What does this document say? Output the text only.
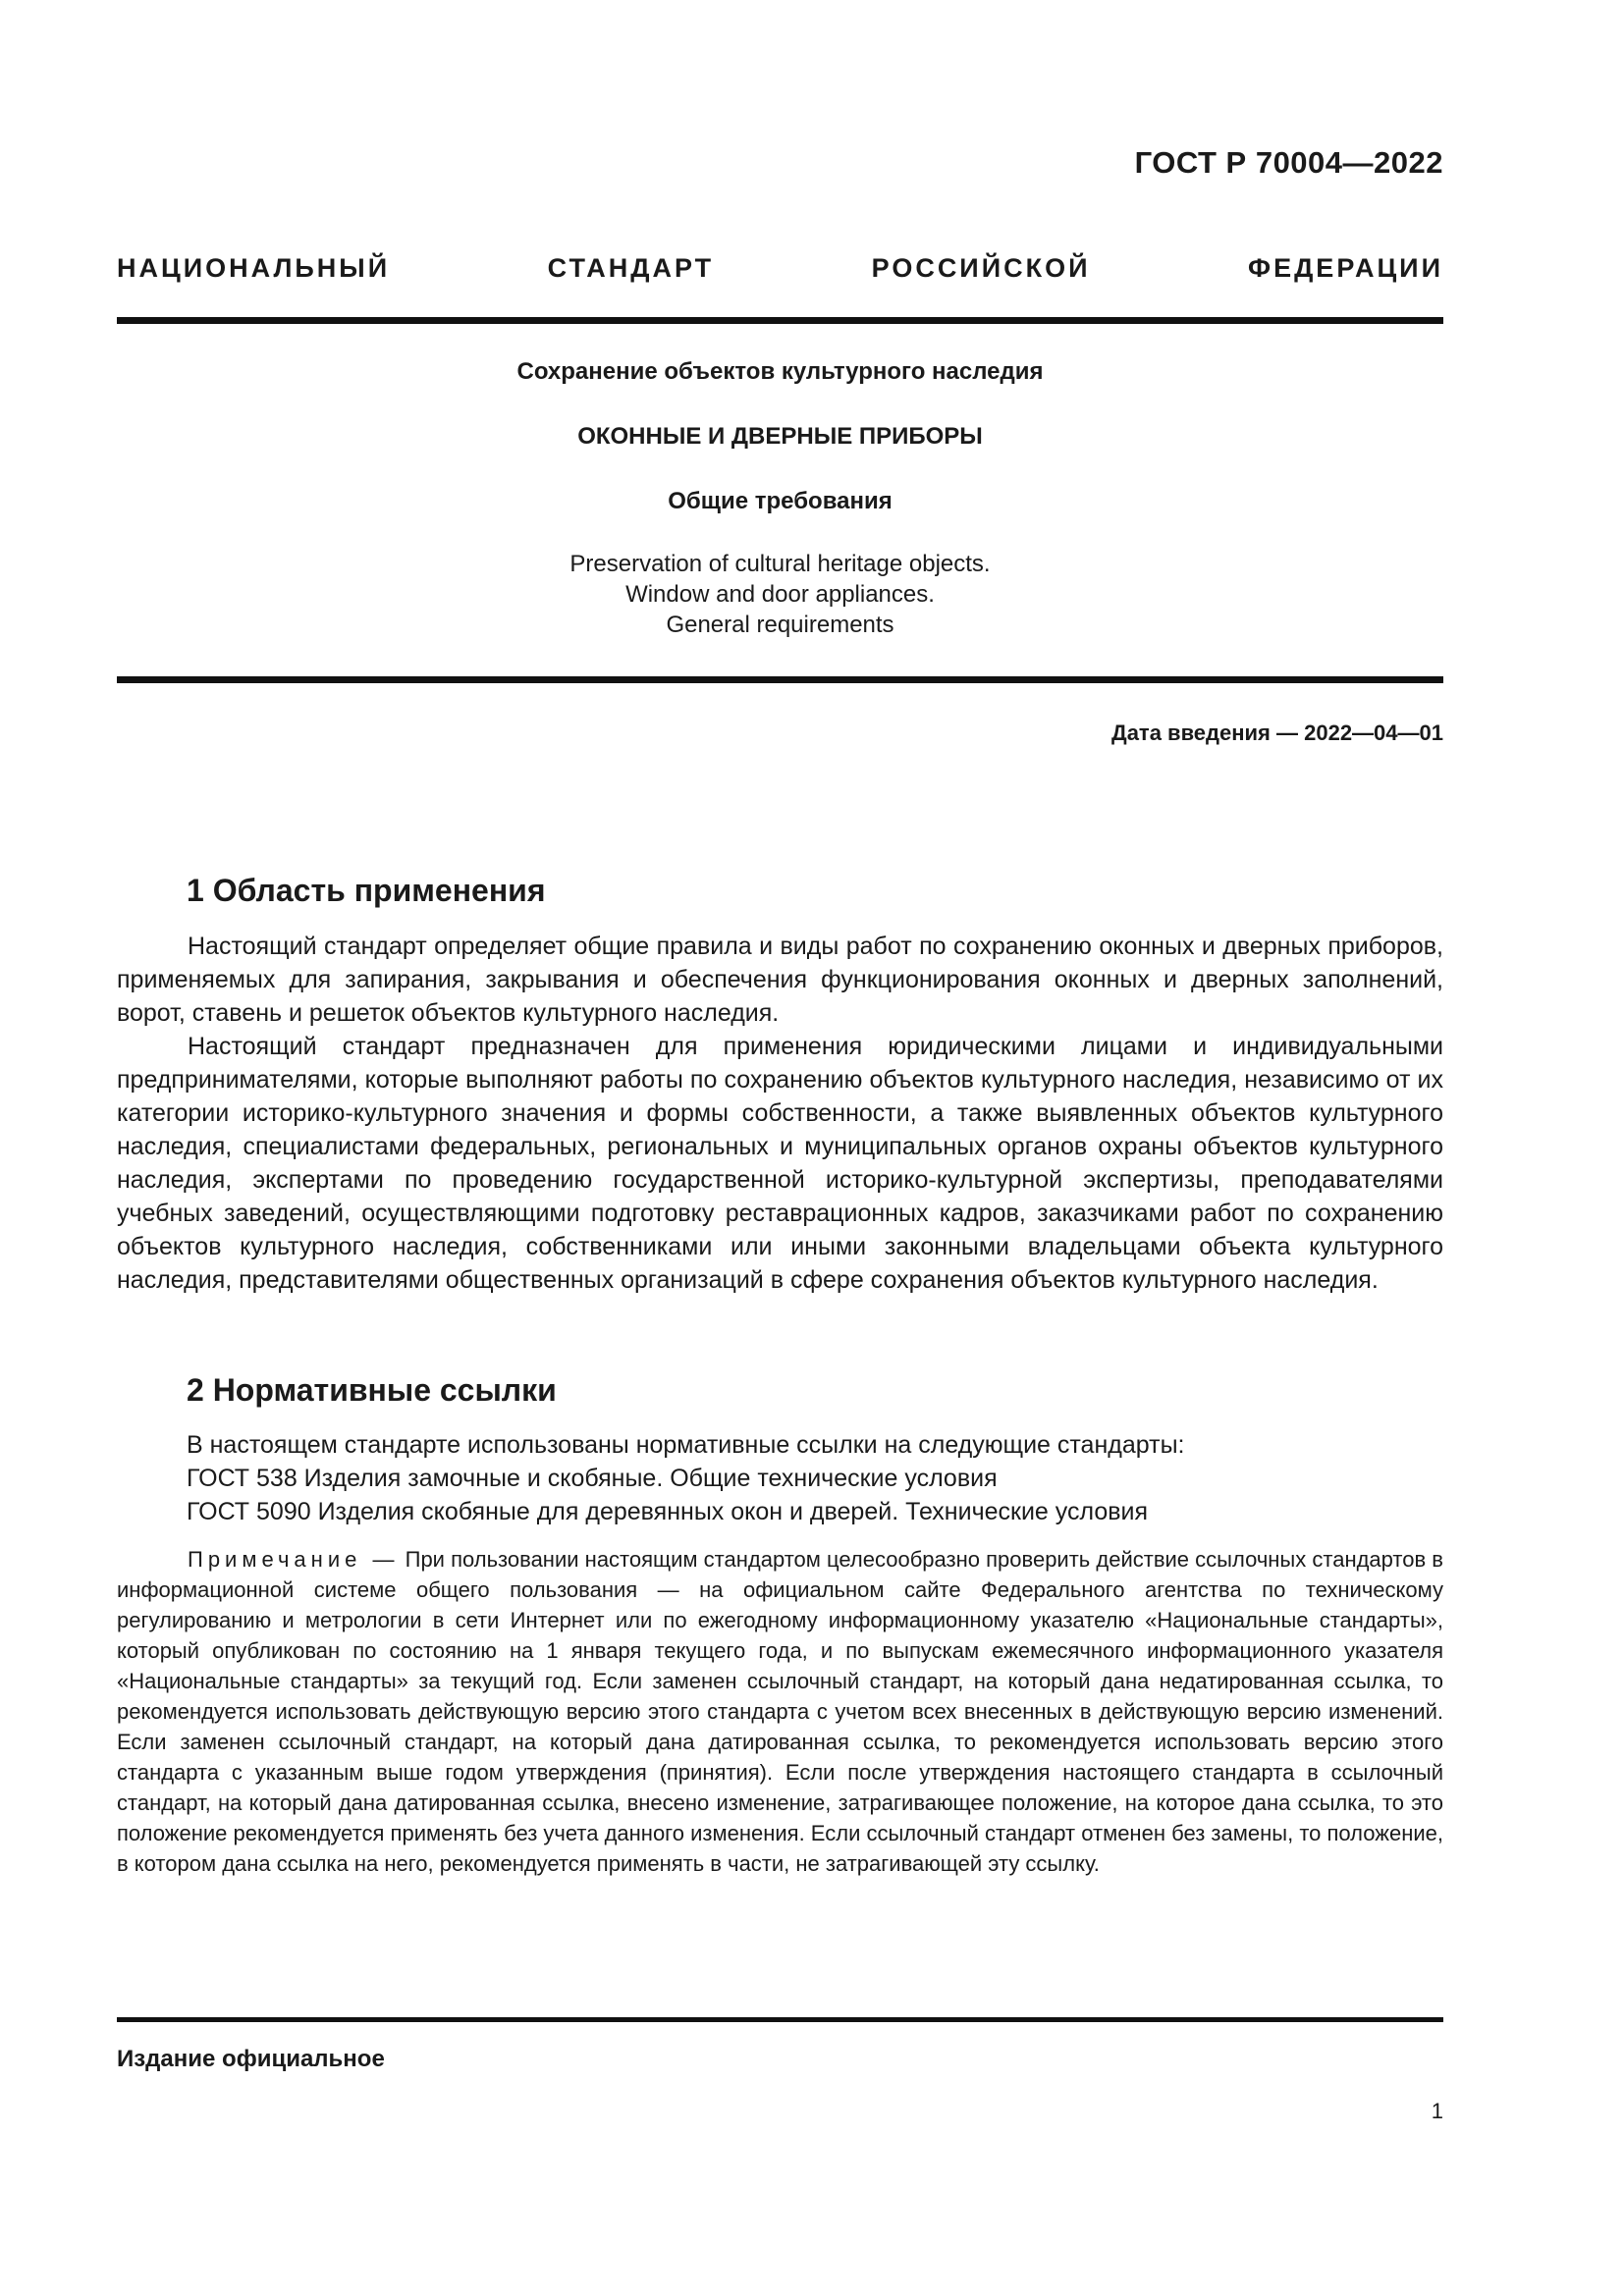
ГОСТ Р 70004—2022
НАЦИОНАЛЬНЫЙ СТАНДАРТ РОССИЙСКОЙ ФЕДЕРАЦИИ
Сохранение объектов культурного наследия
ОКОННЫЕ И ДВЕРНЫЕ ПРИБОРЫ
Общие требования
Preservation of cultural heritage objects.
Window and door appliances.
General requirements
Дата введения — 2022—04—01
1 Область применения

Настоящий стандарт определяет общие правила и виды работ по сохранению оконных и дверных приборов, применяемых для запирания, закрывания и обеспечения функционирования оконных и дверных заполнений, ворот, ставень и решеток объектов культурного наследия.

Настоящий стандарт предназначен для применения юридическими лицами и индивидуальными предпринимателями, которые выполняют работы по сохранению объектов культурного наследия, независимо от их категории историко-культурного значения и формы собственности, а также выявленных объектов культурного наследия, специалистами федеральных, региональных и муниципальных органов охраны объектов культурного наследия, экспертами по проведению государственной историко-культурной экспертизы, преподавателями учебных заведений, осуществляющими подготовку реставрационных кадров, заказчиками работ по сохранению объектов культурного наследия, собственниками или иными законными владельцами объекта культурного наследия, представителями общественных организаций в сфере сохранения объектов культурного наследия.

2 Нормативные ссылки
В настоящем стандарте использованы нормативные ссылки на следующие стандарты:
ГОСТ 538 Изделия замочные и скобяные. Общие технические условия
ГОСТ 5090 Изделия скобяные для деревянных окон и дверей. Технические условия
Примечание — При пользовании настоящим стандартом целесообразно проверить действие ссылочных стандартов в информационной системе общего пользования — на официальном сайте Федерального агентства по техническому регулированию и метрологии в сети Интернет или по ежегодному информационному указателю «Национальные стандарты», который опубликован по состоянию на 1 января текущего года, и по выпускам ежемесячного информационного указателя «Национальные стандарты» за текущий год. Если заменен ссылочный стандарт, на который дана недатированная ссылка, то рекомендуется использовать действующую версию этого стандарта с учетом всех внесенных в действующую версию изменений. Если заменен ссылочный стандарт, на который дана датированная ссылка, то рекомендуется использовать версию этого стандарта с указанным выше годом утверждения (принятия). Если после утверждения настоящего стандарта в ссылочный стандарт, на который дана датированная ссылка, внесено изменение, затрагивающее положение, на которое дана ссылка, то это положение рекомендуется применять без учета данного изменения. Если ссылочный стандарт отменен без замены, то положение, в котором дана ссылка на него, рекомендуется применять в части, не затрагивающей эту ссылку.
Издание официальное
1
